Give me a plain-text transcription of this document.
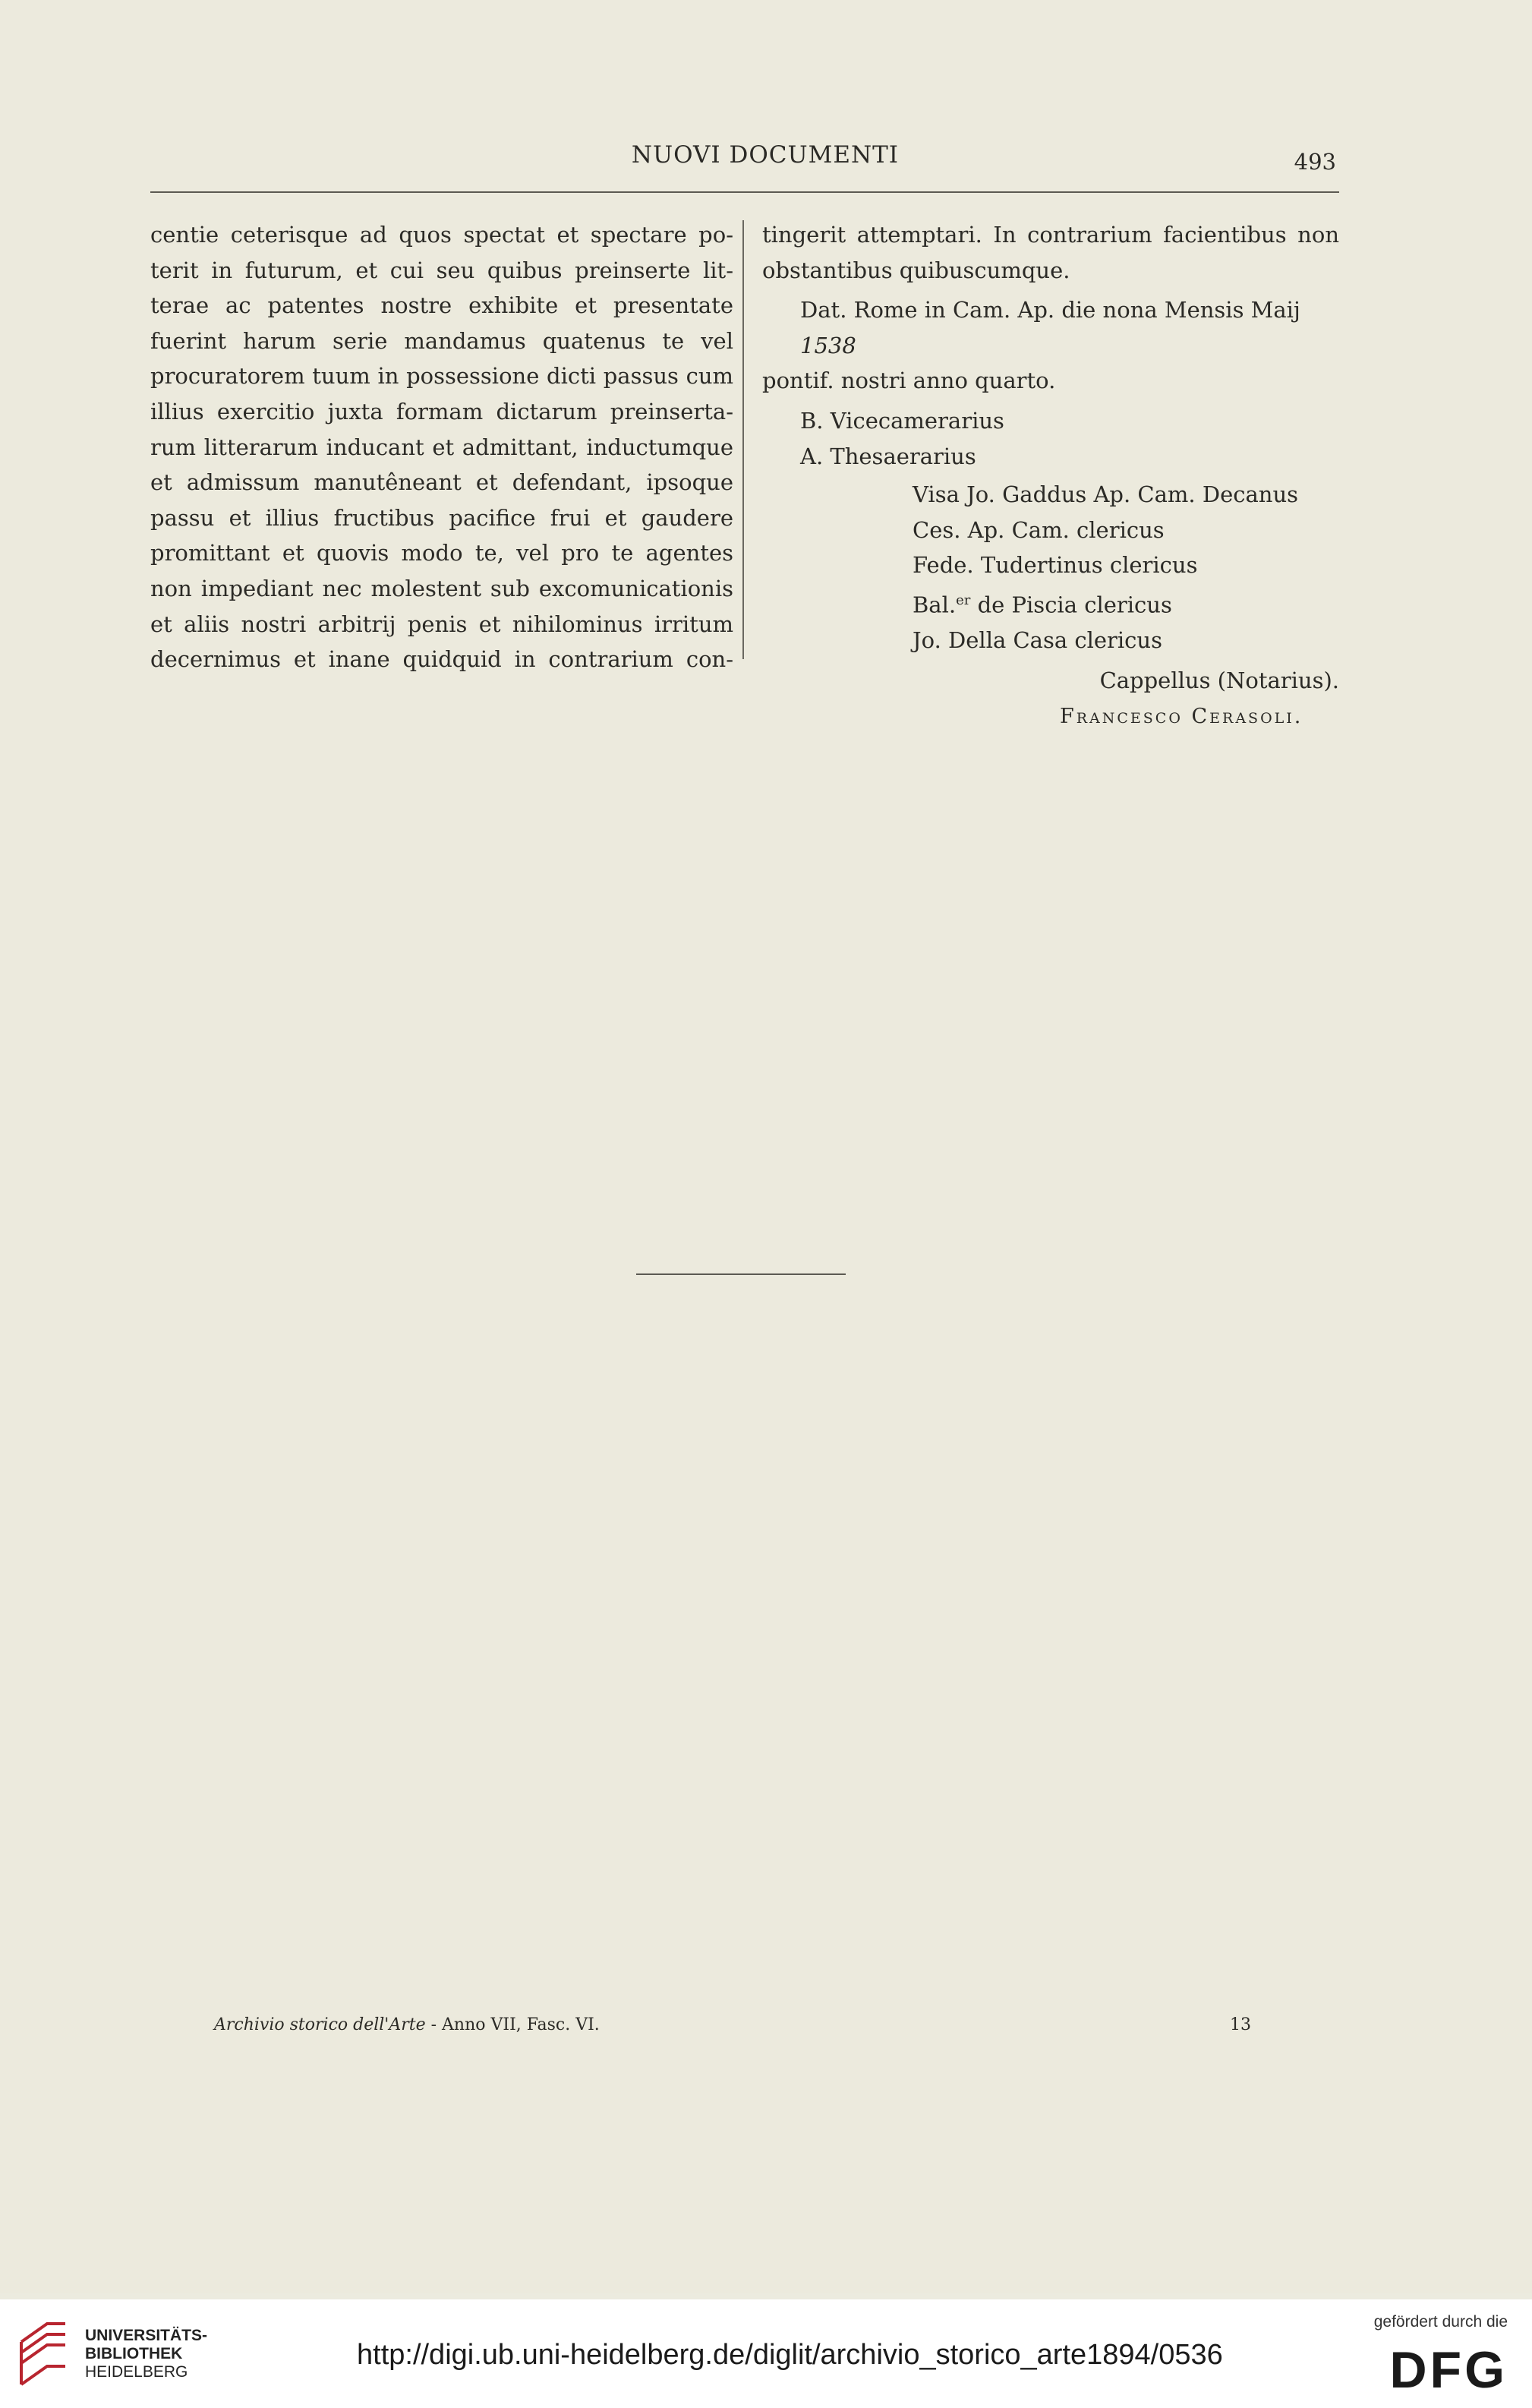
NUOVI DOCUMENTI	493
centie ceterisque ad quos spectat et spectare po-
terit in futurum, et cui seu quibus preinserte lit-
terae ac patentes nostre exhibite et presentate
fuerint harum serie mandamus quatenus te vel
procuratorem tuum in possessione dicti passus cum
illius exercitio juxta formam dictarum preinserta-
rum litterarum inducant et admittant, inductumque
et admissum manutêneant et defendant, ipsoque
passu et illius fructibus pacifice frui et gaudere
promittant et quovis modo te, vel pro te agentes
non impediant nec molestent sub excomunicationis
et aliis nostri arbitrij penis et nihilominus irritum
decernimus et inane quidquid in contrarium con-
tingerit attemptari. In contrarium facientibus non
obstantibus quibuscumque.
Dat. Rome in Cam. Ap. die nona Mensis Maij 1538
pontif. nostri anno quarto.
B. Vicecamerarius
A. Thesaerarius
Visa Jo. Gaddus Ap. Cam. Decanus
Ces. Ap. Cam. clericus
Fede. Tudertinus clericus
Bal.$^{er}$ de Piscia clericus
Jo. Della Casa clericus
Cappellus (Notarius).
Francesco Cerasoli.
Archivio storico dell'Arte - Anno VII, Fasc. VI.	13
UNIVERSITÄTS-
BIBLIOTHEK
HEIDELBERG
http://digi.ub.uni-heidelberg.de/diglit/archivio_storico_arte1894/0536
gefördert durch die
DFG
